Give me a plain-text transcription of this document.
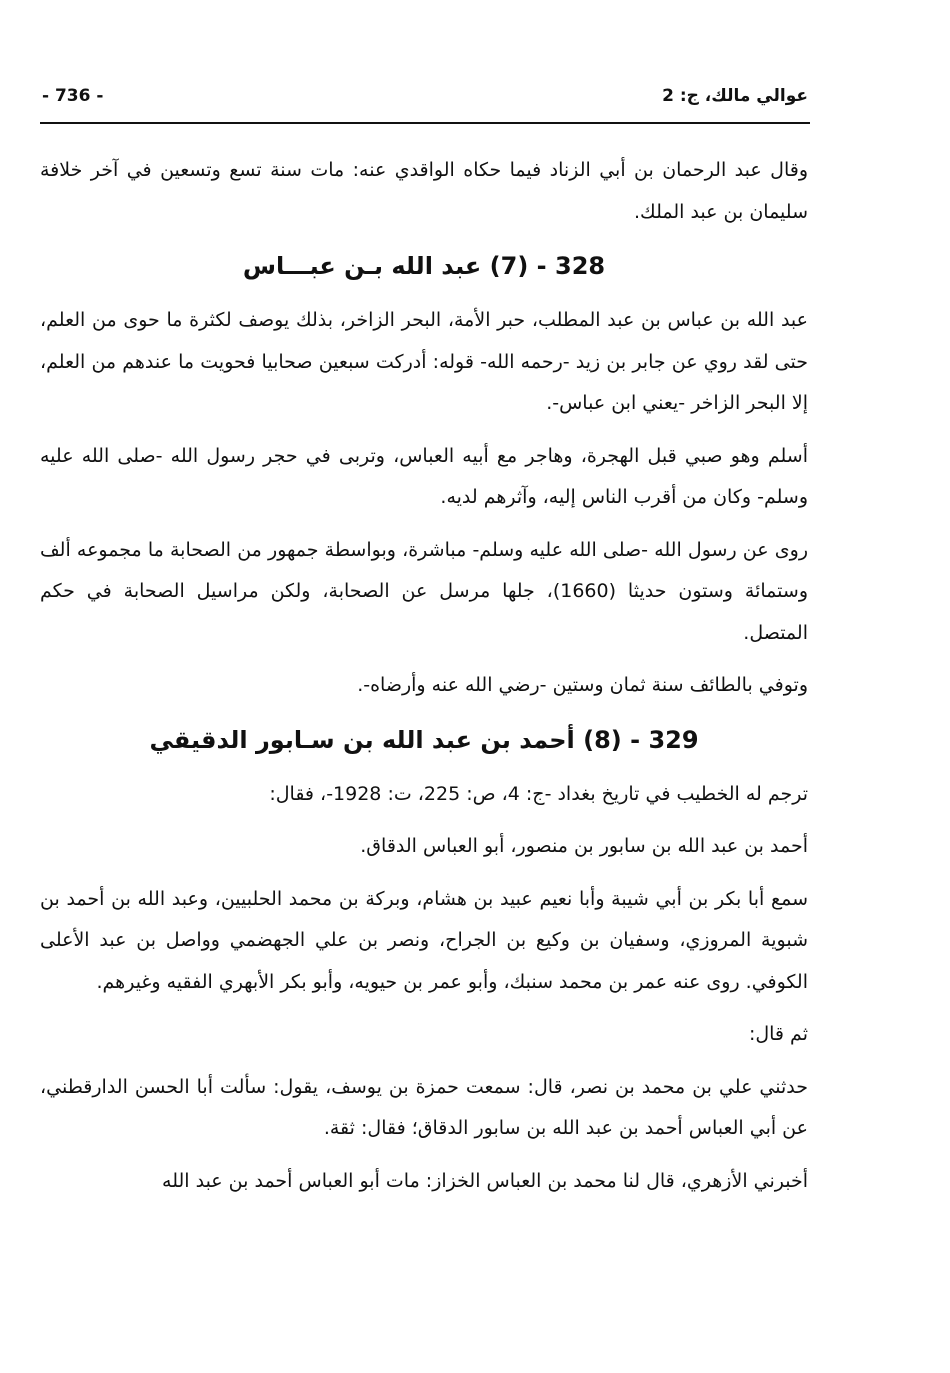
- 736 -	عوالي مالك، ج: 2

وقال عبد الرحمان بن أبي الزناد فيما حكاه الواقدي عنه: مات سنة تسع وتسعين في آخر خلافة سليمان بن عبد الملك.

328 - (7) عبد الله بـن عبـــاس

عبد الله بن عباس بن عبد المطلب، حبر الأمة، البحر الزاخر، بذلك يوصف لكثرة ما حوى من العلم، حتى لقد روي عن جابر بن زيد -رحمه الله- قوله: أدركت سبعين صحابيا فحويت ما عندهم من العلم، إلا البحر الزاخر -يعني ابن عباس-.

أسلم وهو صبي قبل الهجرة، وهاجر مع أبيه العباس، وتربى في حجر رسول الله -صلى الله عليه وسلم- وكان من أقرب الناس إليه، وآثرهم لديه.

روى عن رسول الله -صلى الله عليه وسلم- مباشرة، وبواسطة جمهور من الصحابة ما مجموعه ألف وستمائة وستون حديثا (1660)، جلها مرسل عن الصحابة، ولكن مراسيل الصحابة في حكم المتصل.

وتوفي بالطائف سنة ثمان وستين -رضي الله عنه وأرضاه-.

329 - (8) أحمد بن عبد الله بن سـابور الدقيقي

ترجم له الخطيب في تاريخ بغداد -ج: 4، ص: 225، ت: 1928-، فقال:

أحمد بن عبد الله بن سابور بن منصور، أبو العباس الدقاق.

سمع أبا بكر بن أبي شيبة وأبا نعيم عبيد بن هشام، وبركة بن محمد الحلبيين، وعبد الله بن أحمد بن شبوية المروزي، وسفيان بن وكيع بن الجراح، ونصر بن علي الجهضمي وواصل بن عبد الأعلى الكوفي. روى عنه عمر بن محمد سنبك، وأبو عمر بن حيويه، وأبو بكر الأبهري الفقيه وغيرهم.

ثم قال:

حدثني علي بن محمد بن نصر، قال: سمعت حمزة بن يوسف، يقول: سألت أبا الحسن الدارقطني، عن أبي العباس أحمد بن عبد الله بن سابور الدقاق؛ فقال: ثقة.

أخبرني الأزهري، قال لنا محمد بن العباس الخزاز: مات أبو العباس أحمد بن عبد الله
